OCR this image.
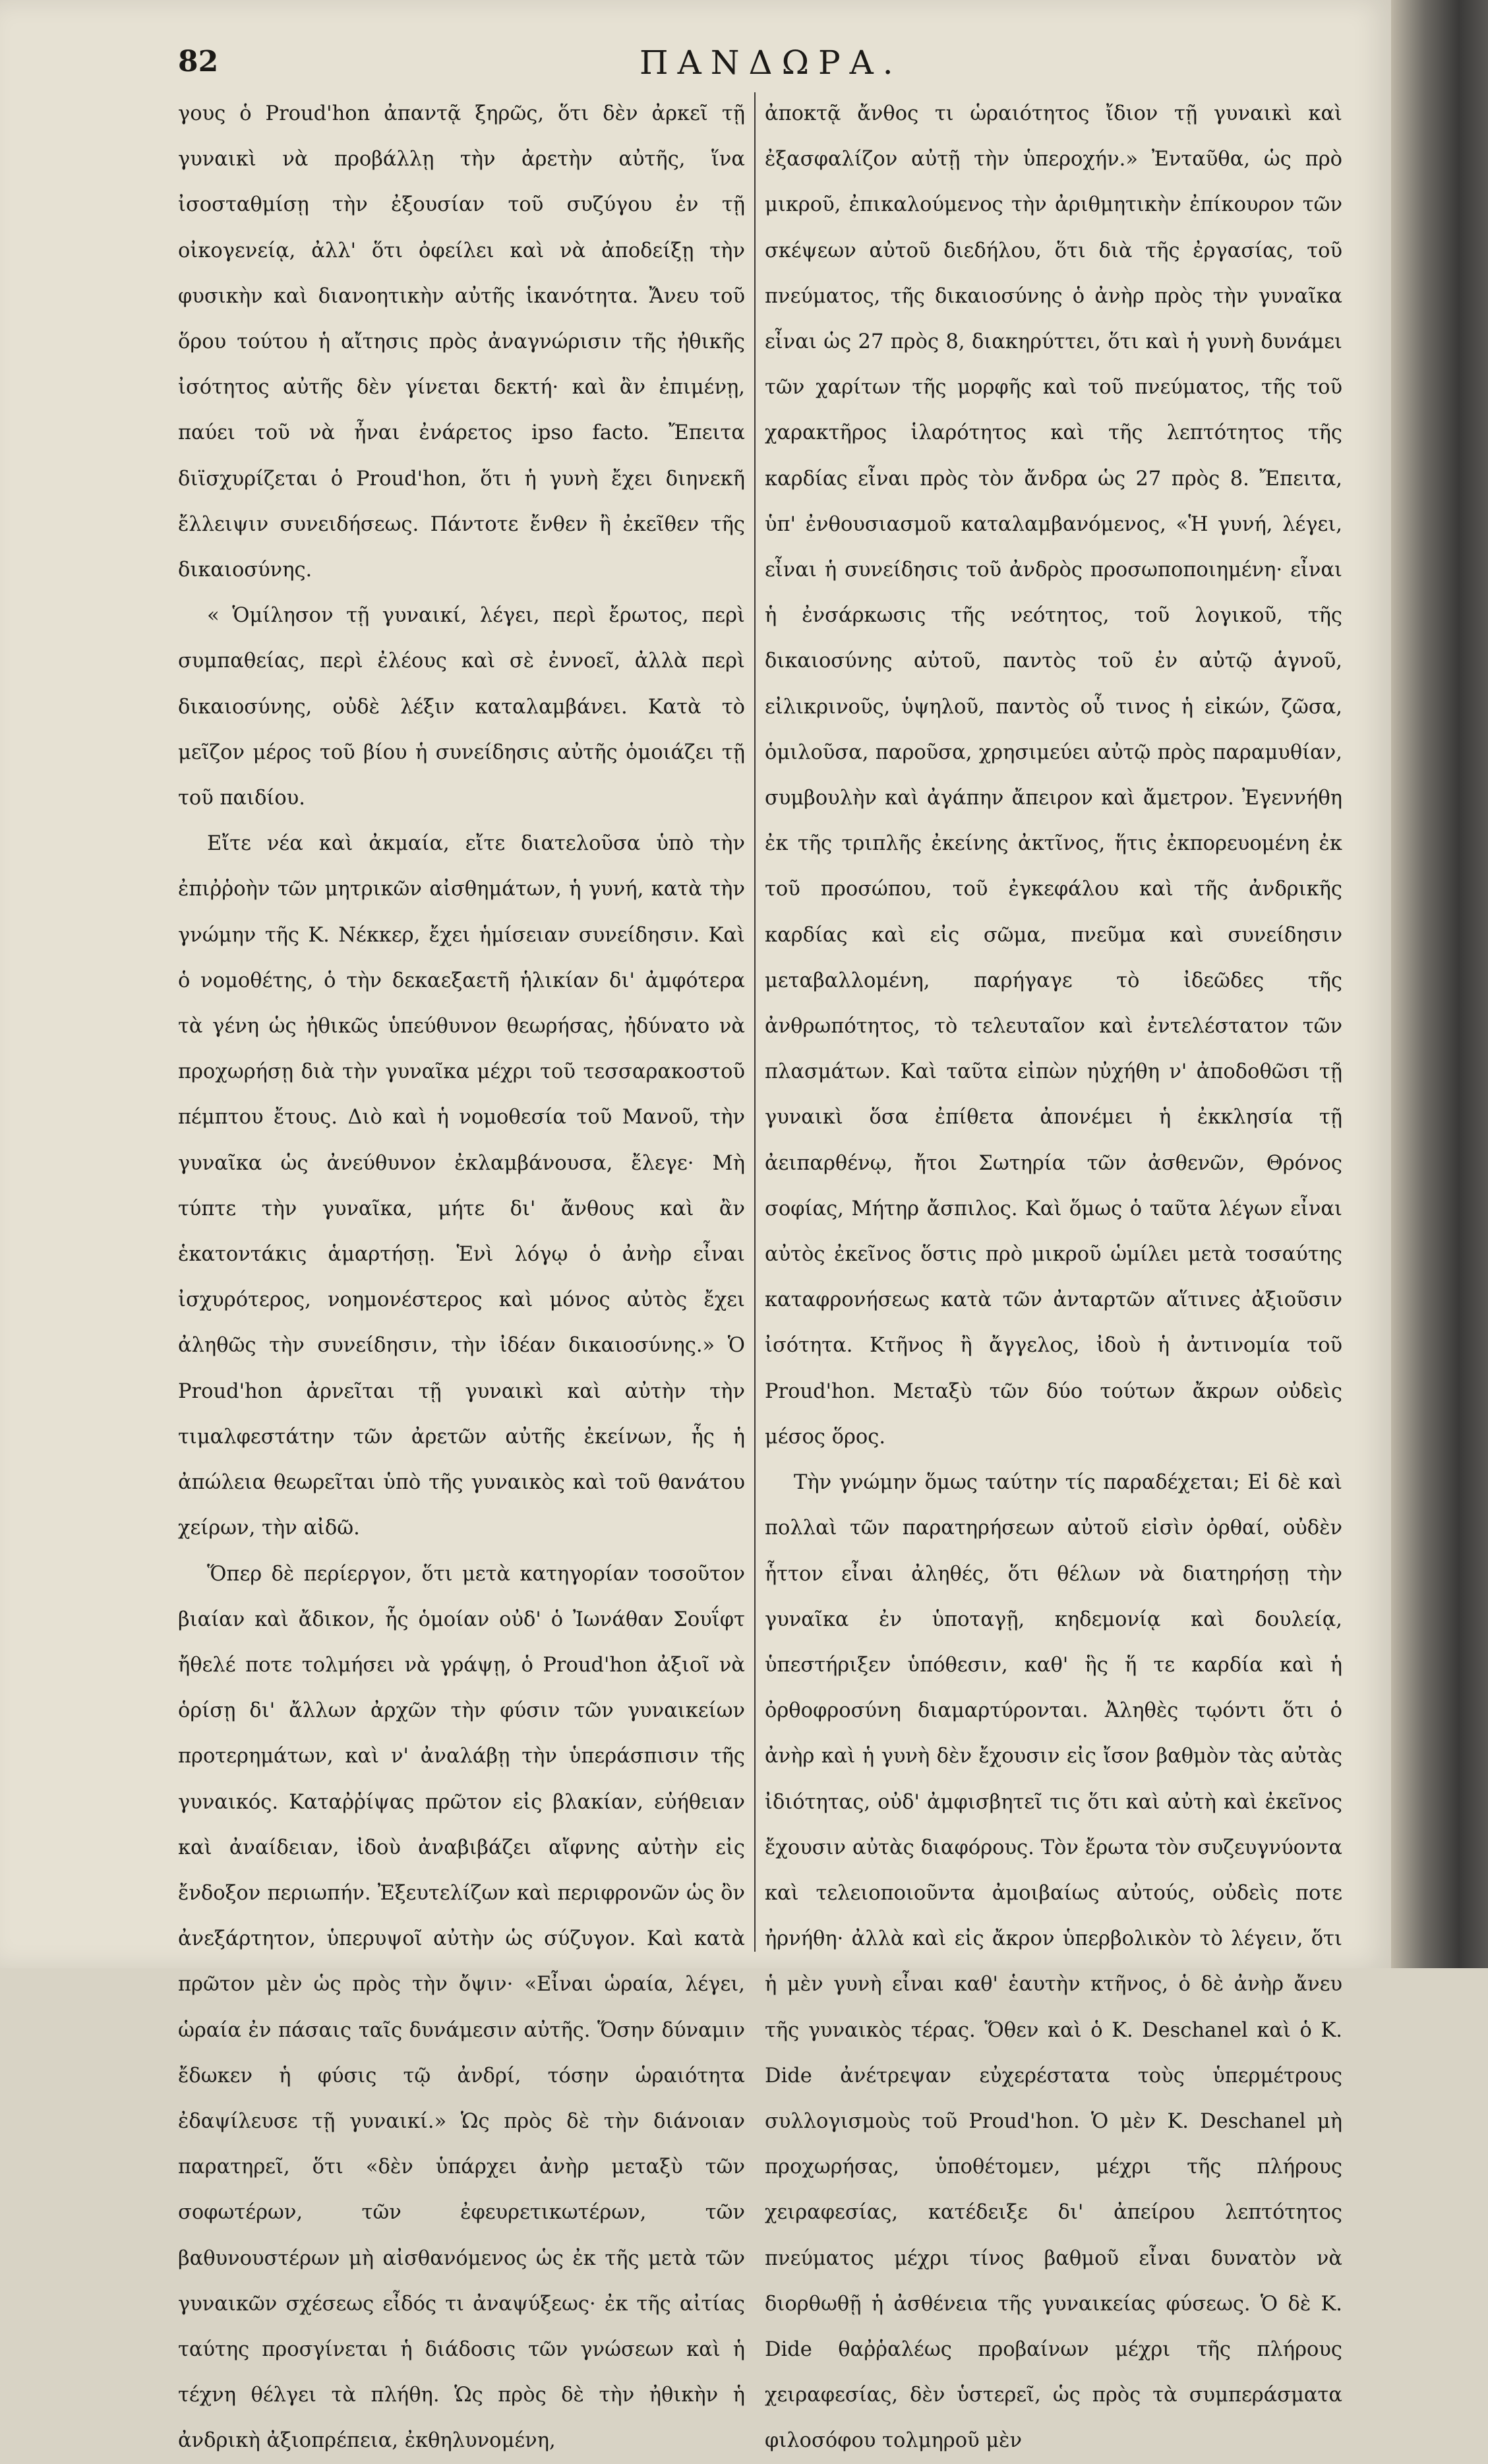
82	ΠΑΝΔΩΡΑ.

γους ὁ Proud'hon ἀπαντᾷ ξηρῶς, ὅτι δὲν ἀρκεῖ τῇ γυναικὶ νὰ προβάλλῃ τὴν ἀρετὴν αὐτῆς, ἵνα ἰσοσταθμίσῃ τὴν ἐξουσίαν τοῦ συζύγου ἐν τῇ οἰκογενείᾳ, ἀλλ' ὅτι ὀφείλει καὶ νὰ ἀποδείξῃ τὴν φυσικὴν καὶ διανοητικὴν αὐτῆς ἱκανότητα. Ἄνευ τοῦ ὅρου τούτου ἡ αἴτησις πρὸς ἀναγνώρισιν τῆς ἠθικῆς ἰσότητος αὐτῆς δὲν γίνεται δεκτή· καὶ ἂν ἐπιμένῃ, παύει τοῦ νὰ ἦναι ἐνάρετος ipso facto. Ἔπειτα διϊσχυρίζεται ὁ Proud'hon, ὅτι ἡ γυνὴ ἔχει διηνεκῆ ἔλλειψιν συνειδήσεως. Πάντοτε ἔνθεν ἢ ἐκεῖθεν τῆς δικαιοσύνης.

« Ὁμίλησον τῇ γυναικί, λέγει, περὶ ἔρωτος, περὶ συμπαθείας, περὶ ἐλέους καὶ σὲ ἐννοεῖ, ἀλλὰ περὶ δικαιοσύνης, οὐδὲ λέξιν καταλαμβάνει. Κατὰ τὸ μεῖζον μέρος τοῦ βίου ἡ συνείδησις αὐτῆς ὁμοιάζει τῇ τοῦ παιδίου.

Εἴτε νέα καὶ ἀκμαία, εἴτε διατελοῦσα ὑπὸ τὴν ἐπιῤῥοὴν τῶν μητρικῶν αἰσθημάτων, ἡ γυνή, κατὰ τὴν γνώμην τῆς Κ. Νέκκερ, ἔχει ἡμίσειαν συνείδησιν. Καὶ ὁ νομοθέτης, ὁ τὴν δεκαεξαετῆ ἡλικίαν δι' ἀμφότερα τὰ γένη ὡς ἠθικῶς ὑπεύθυνον θεωρήσας, ἠδύνατο νὰ προχωρήσῃ διὰ τὴν γυναῖκα μέχρι τοῦ τεσσαρακοστοῦ πέμπτου ἔτους. Διὸ καὶ ἡ νομοθεσία τοῦ Μανοῦ, τὴν γυναῖκα ὡς ἀνεύθυνον ἐκλαμβάνουσα, ἔλεγε· Μὴ τύπτε τὴν γυναῖκα, μήτε δι' ἄνθους καὶ ἂν ἑκατοντάκις ἁμαρτήσῃ. Ἑνὶ λόγῳ ὁ ἀνὴρ εἶναι ἰσχυρότερος, νοημονέστερος καὶ μόνος αὐτὸς ἔχει ἀληθῶς τὴν συνείδησιν, τὴν ἰδέαν δικαιοσύνης.» Ὁ Proud'hon ἀρνεῖται τῇ γυναικὶ καὶ αὐτὴν τὴν τιμαλφεστάτην τῶν ἀρετῶν αὐτῆς ἐκείνων, ἧς ἡ ἀπώλεια θεωρεῖται ὑπὸ τῆς γυναικὸς καὶ τοῦ θανάτου χείρων, τὴν αἰδῶ.

Ὅπερ δὲ περίεργον, ὅτι μετὰ κατηγορίαν τοσοῦτον βιαίαν καὶ ἄδικον, ἧς ὁμοίαν οὐδ' ὁ Ἰωνάθαν Σουΐφτ ἤθελέ ποτε τολμήσει νὰ γράψῃ, ὁ Proud'hon ἀξιοῖ νὰ ὁρίσῃ δι' ἄλλων ἀρχῶν τὴν φύσιν τῶν γυναικείων προτερημάτων, καὶ ν' ἀναλάβῃ τὴν ὑπεράσπισιν τῆς γυναικός. Καταῤῥίψας πρῶτον εἰς βλακίαν, εὐήθειαν καὶ ἀναίδειαν, ἰδοὺ ἀναβιβάζει αἴφνης αὐτὴν εἰς ἔνδοξον περιωπήν. Ἐξευτελίζων καὶ περιφρονῶν ὡς ὂν ἀνεξάρτητον, ὑπερυψοῖ αὐτὴν ὡς σύζυγον. Καὶ κατὰ πρῶτον μὲν ὡς πρὸς τὴν ὄψιν· «Εἶναι ὡραία, λέγει, ὡραία ἐν πάσαις ταῖς δυνάμεσιν αὐτῆς. Ὅσην δύναμιν ἔδωκεν ἡ φύσις τῷ ἀνδρί, τόσην ὡραιότητα ἐδαψίλευσε τῇ γυναικί.» Ὡς πρὸς δὲ τὴν διάνοιαν παρατηρεῖ, ὅτι «δὲν ὑπάρχει ἀνὴρ μεταξὺ τῶν σοφωτέρων, τῶν ἐφευρετικωτέρων, τῶν βαθυνουστέρων μὴ αἰσθανόμενος ὡς ἐκ τῆς μετὰ τῶν γυναικῶν σχέσεως εἶδός τι ἀναψύξεως· ἐκ τῆς αἰτίας ταύτης προσγίνεται ἡ διάδοσις τῶν γνώσεων καὶ ἡ τέχνη θέλγει τὰ πλήθη. Ὡς πρὸς δὲ τὴν ἠθικὴν ἡ ἀνδρικὴ ἀξιοπρέπεια, ἐκθηλυνομένη,

ἀποκτᾷ ἄνθος τι ὡραιότητος ἴδιον τῇ γυναικὶ καὶ ἐξασφαλίζον αὐτῇ τὴν ὑπεροχήν.» Ἐνταῦθα, ὡς πρὸ μικροῦ, ἐπικαλούμενος τὴν ἀριθμητικὴν ἐπίκουρον τῶν σκέψεων αὐτοῦ διεδήλου, ὅτι διὰ τῆς ἐργασίας, τοῦ πνεύματος, τῆς δικαιοσύνης ὁ ἀνὴρ πρὸς τὴν γυναῖκα εἶναι ὡς 27 πρὸς 8, διακηρύττει, ὅτι καὶ ἡ γυνὴ δυνάμει τῶν χαρίτων τῆς μορφῆς καὶ τοῦ πνεύματος, τῆς τοῦ χαρακτῆρος ἱλαρότητος καὶ τῆς λεπτότητος τῆς καρδίας εἶναι πρὸς τὸν ἄνδρα ὡς 27 πρὸς 8. Ἔπειτα, ὑπ' ἐνθουσιασμοῦ καταλαμβανόμενος, «Ἡ γυνή, λέγει, εἶναι ἡ συνείδησις τοῦ ἀνδρὸς προσωποποιημένη· εἶναι ἡ ἐνσάρκωσις τῆς νεότητος, τοῦ λογικοῦ, τῆς δικαιοσύνης αὐτοῦ, παντὸς τοῦ ἐν αὐτῷ ἁγνοῦ, εἰλικρινοῦς, ὑψηλοῦ, παντὸς οὗ τινος ἡ εἰκών, ζῶσα, ὁμιλοῦσα, παροῦσα, χρησιμεύει αὐτῷ πρὸς παραμυθίαν, συμβουλὴν καὶ ἀγάπην ἄπειρον καὶ ἄμετρον. Ἐγεννήθη ἐκ τῆς τριπλῆς ἐκείνης ἀκτῖνος, ἥτις ἐκπορευομένη ἐκ τοῦ προσώπου, τοῦ ἐγκεφάλου καὶ τῆς ἀνδρικῆς καρδίας καὶ εἰς σῶμα, πνεῦμα καὶ συνείδησιν μεταβαλλομένη, παρήγαγε τὸ ἰδεῶδες τῆς ἀνθρωπότητος, τὸ τελευταῖον καὶ ἐντελέστατον τῶν πλασμάτων. Καὶ ταῦτα εἰπὼν ηὐχήθη ν' ἀποδοθῶσι τῇ γυναικὶ ὅσα ἐπίθετα ἀπονέμει ἡ ἐκκλησία τῇ ἀειπαρθένῳ, ἤτοι Σωτηρία τῶν ἀσθενῶν, Θρόνος σοφίας, Μήτηρ ἄσπιλος. Καὶ ὅμως ὁ ταῦτα λέγων εἶναι αὐτὸς ἐκεῖνος ὅστις πρὸ μικροῦ ὡμίλει μετὰ τοσαύτης καταφρονήσεως κατὰ τῶν ἀνταρτῶν αἵτινες ἀξιοῦσιν ἰσότητα. Κτῆνος ἢ ἄγγελος, ἰδοὺ ἡ ἀντινομία τοῦ Proud'hon. Μεταξὺ τῶν δύο τούτων ἄκρων οὐδεὶς μέσος ὅρος.

Τὴν γνώμην ὅμως ταύτην τίς παραδέχεται; Εἰ δὲ καὶ πολλαὶ τῶν παρατηρήσεων αὐτοῦ εἰσὶν ὀρθαί, οὐδὲν ἧττον εἶναι ἀληθές, ὅτι θέλων νὰ διατηρήσῃ τὴν γυναῖκα ἐν ὑποταγῇ, κηδεμονίᾳ καὶ δουλείᾳ, ὑπεστήριξεν ὑπόθεσιν, καθ' ἣς ἥ τε καρδία καὶ ἡ ὀρθοφροσύνη διαμαρτύρονται. Ἀληθὲς τῳόντι ὅτι ὁ ἀνὴρ καὶ ἡ γυνὴ δὲν ἔχουσιν εἰς ἴσον βαθμὸν τὰς αὐτὰς ἰδιότητας, οὐδ' ἀμφισβητεῖ τις ὅτι καὶ αὐτὴ καὶ ἐκεῖνος ἔχουσιν αὐτὰς διαφόρους. Τὸν ἔρωτα τὸν συζευγνύοντα καὶ τελειοποιοῦντα ἀμοιβαίως αὐτούς, οὐδεὶς ποτε ἠρνήθη· ἀλλὰ καὶ εἰς ἄκρον ὑπερβολικὸν τὸ λέγειν, ὅτι ἡ μὲν γυνὴ εἶναι καθ' ἑαυτὴν κτῆνος, ὁ δὲ ἀνὴρ ἄνευ τῆς γυναικὸς τέρας. Ὅθεν καὶ ὁ Κ. Deschanel καὶ ὁ Κ. Dide ἀνέτρεψαν εὐχερέστατα τοὺς ὑπερμέτρους συλλογισμοὺς τοῦ Proud'hon. Ὁ μὲν Κ. Deschanel μὴ προχωρήσας, ὑποθέτομεν, μέχρι τῆς πλήρους χειραφεσίας, κατέδειξε δι' ἀπείρου λεπτότητος πνεύματος μέχρι τίνος βαθμοῦ εἶναι δυνατὸν νὰ διορθωθῇ ἡ ἀσθένεια τῆς γυναικείας φύσεως. Ὁ δὲ Κ. Dide θαῤῥαλέως προβαίνων μέχρι τῆς πλήρους χειραφεσίας, δὲν ὑστερεῖ, ὡς πρὸς τὰ συμπεράσματα φιλοσόφου τολμηροῦ μὲν
